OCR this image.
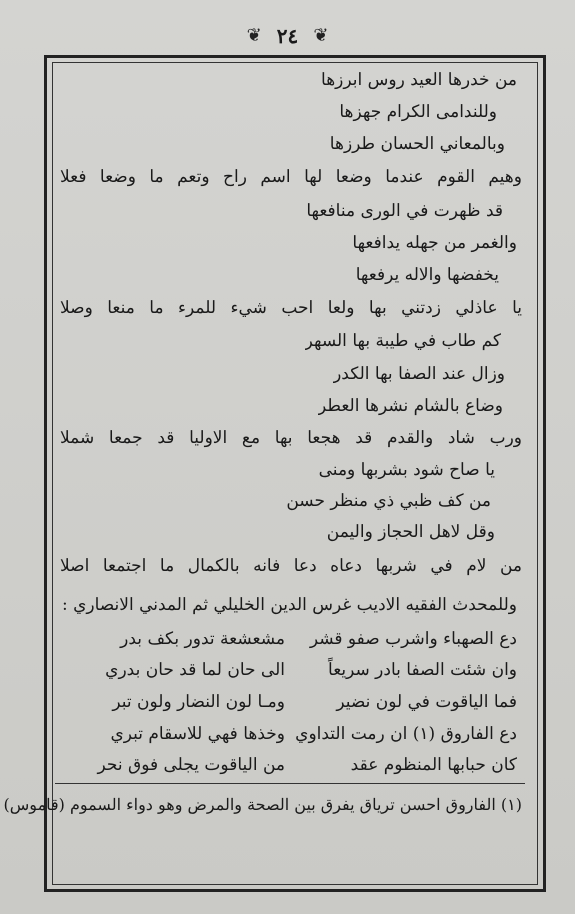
❦ ٢٤ ❦
من خدرها العيد روس ابرزها
وللندامى الكرام جهزها
وبالمعاني الحسان طرزها
وهيم القوم عندما وضعا لها اسم راح وتعم ما وضعا فعلا
قد ظهرت في الورى منافعها
والغمر من جهله يدافعها
يخفضها والاله يرفعها
يا عاذلي زدتني بها ولعا احب شيء للمرء ما منعا وصلا
كم طاب في طيبة بها السهر
وزال عند الصفا بها الكدر
وضاع بالشام نشرها العطر
ورب شاد والقدم قد هجعا بها مع الاوليا قد جمعا شملا
يا صاح شود بشربها ومنى
من كف ظبي ذي منظر حسن
وقل لاهل الحجاز واليمن
من لام في شربها دعاه دعا فانه بالكمال ما اجتمعا اصلا
وللمحدث الفقيه الاديب غرس الدين الخليلي ثم المدني الانصاري :
دع الصهباء واشرب صفو قشر
مشعشعة تدور بكف بدر
وان شئت الصفا بادر سريعاً
الى حان لما قد حان بدري
فما الياقوت في لون نضير
ومـا لون النضار ولون تبر
دع الفاروق (١) ان رمت التداوي
وخذها فهي للاسقام تبري
كان حبابها المنظوم عقد
من الياقوت يجلى فوق نحر
(١) الفاروق احسن ترياق يفرق بين الصحة والمرض وهو دواء السموم (قاموس)
